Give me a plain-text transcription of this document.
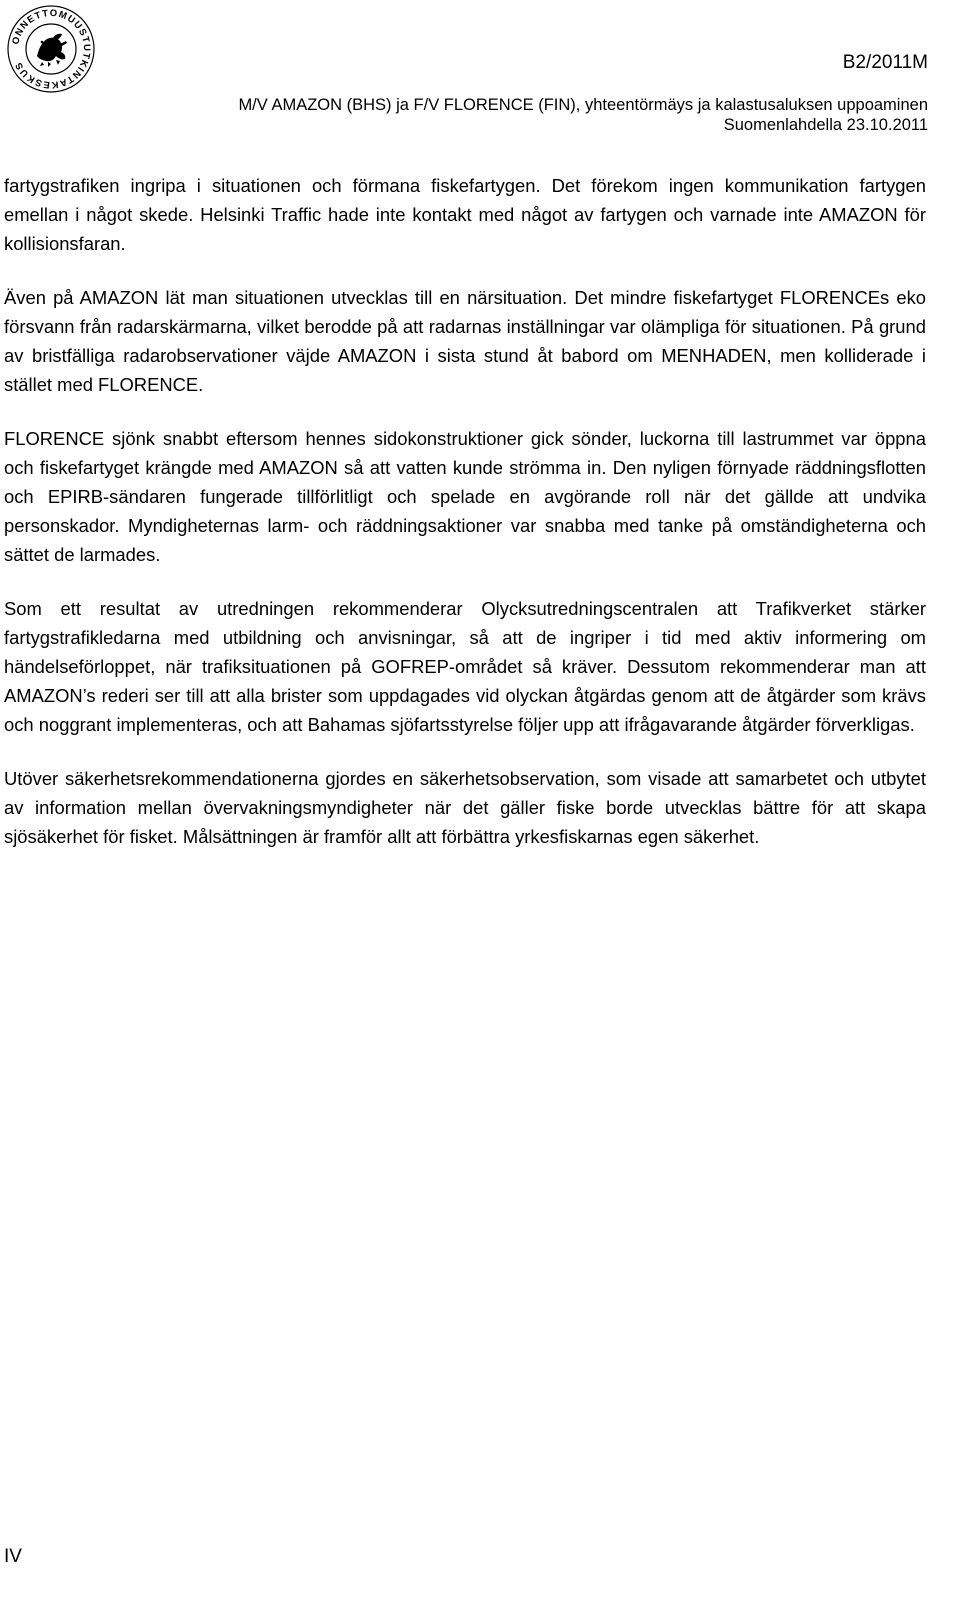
ONNETTOMUUSTUTKINTAKESKUS	B2/2011M
M/V AMAZON (BHS) ja F/V FLORENCE (FIN), yhteentörmäys ja kalastusaluksen uppoaminen
Suomenlahdella 23.10.2011

fartygstrafiken ingripa i situationen och förmana fiskefartygen. Det förekom ingen kommunikation fartygen emellan i något skede. Helsinki Traffic hade inte kontakt med något av fartygen och varnade inte AMAZON för kollisionsfaran.

Även på AMAZON lät man situationen utvecklas till en närsituation. Det mindre fiskefartyget FLORENCEs eko försvann från radarskärmarna, vilket berodde på att radarnas inställningar var olämpliga för situationen. På grund av bristfälliga radarobservationer väjde AMAZON i sista stund åt babord om MENHADEN, men kolliderade i stället med FLORENCE.

FLORENCE sjönk snabbt eftersom hennes sidokonstruktioner gick sönder, luckorna till lastrummet var öppna och fiskefartyget krängde med AMAZON så att vatten kunde strömma in. Den nyligen förnyade räddningsflotten och EPIRB-sändaren fungerade tillförlitligt och spelade en avgörande roll när det gällde att undvika personskador. Myndigheternas larm- och räddningsaktioner var snabba med tanke på omständigheterna och sättet de larmades.

Som ett resultat av utredningen rekommenderar Olycksutredningscentralen att Trafikverket stärker fartygstrafikledarna med utbildning och anvisningar, så att de ingriper i tid med aktiv informering om händelseförloppet, när trafiksituationen på GOFREP-området så kräver. Dessutom rekommenderar man att AMAZON’s rederi ser till att alla brister som uppdagades vid olyckan åtgärdas genom att de åtgärder som krävs och noggrant implementeras, och att Bahamas sjöfartsstyrelse följer upp att ifrågavarande åtgärder förverkligas.

Utöver säkerhetsrekommendationerna gjordes en säkerhetsobservation, som visade att samarbetet och utbytet av information mellan övervakningsmyndigheter när det gäller fiske borde utvecklas bättre för att skapa sjösäkerhet för fisket. Målsättningen är framför allt att förbättra yrkesfiskarnas egen säkerhet.

IV
